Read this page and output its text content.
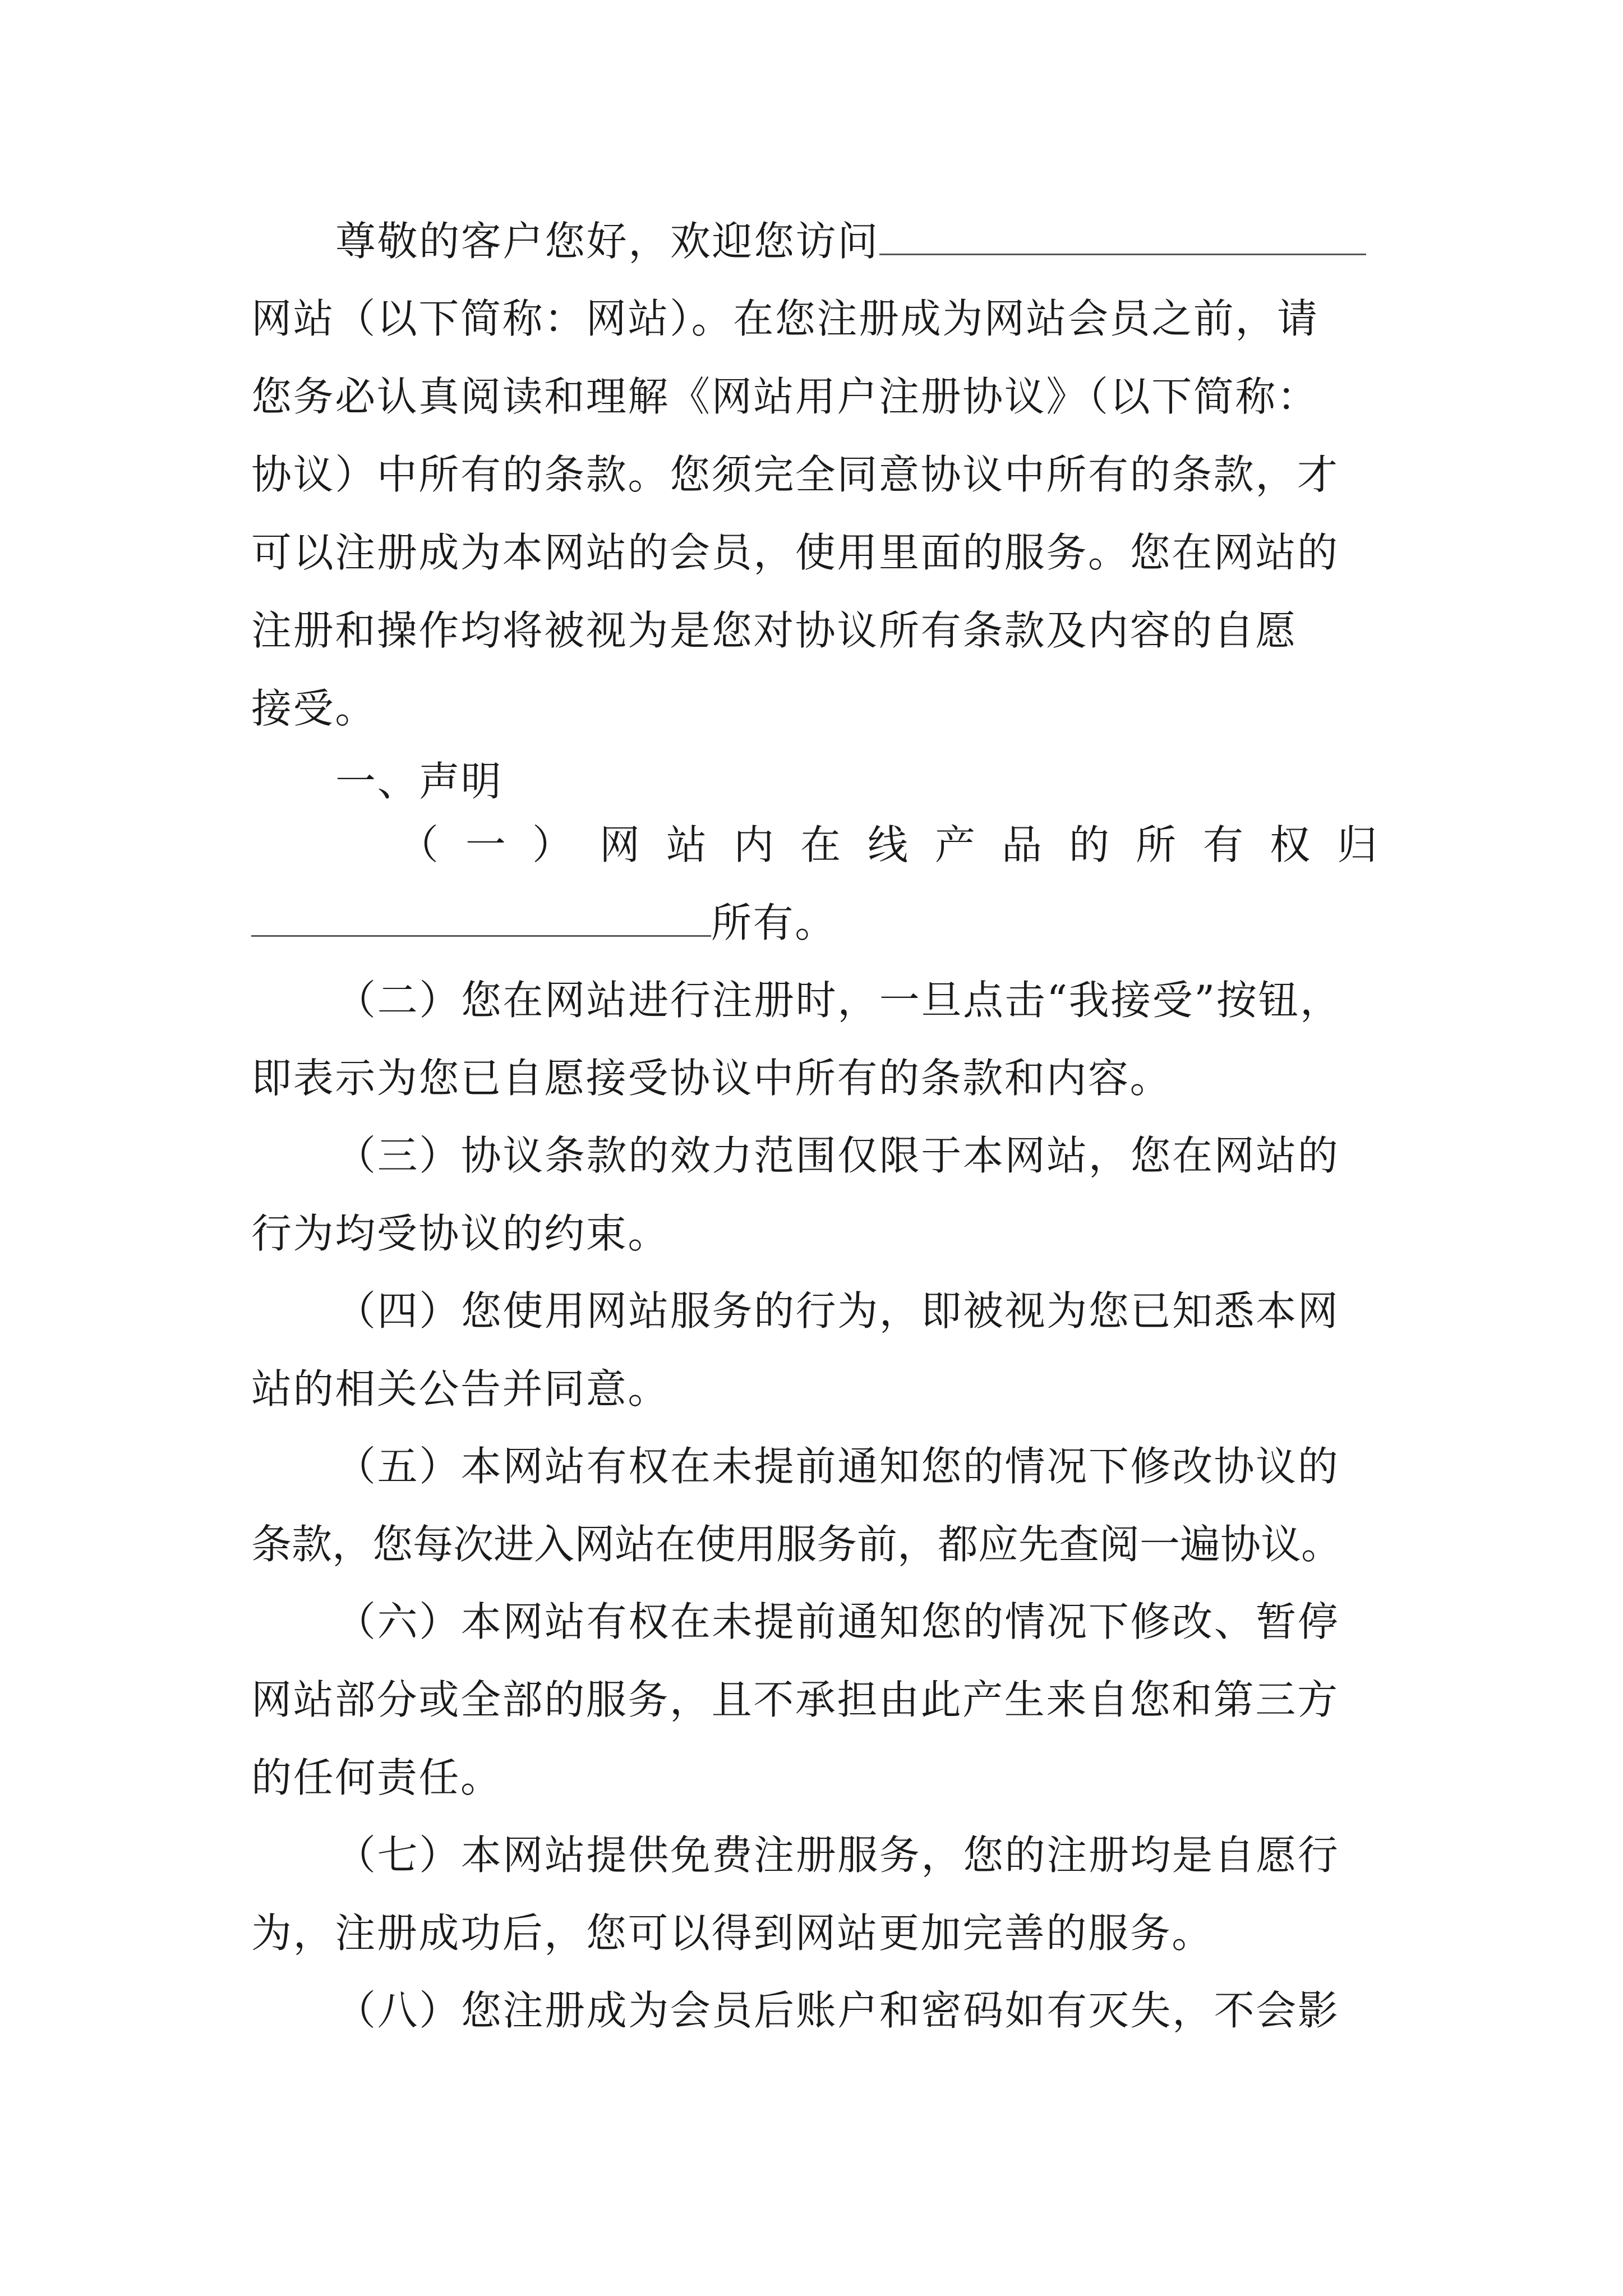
尊敬的客户您好，欢迎您访问
网站（以下简称：网站）。在您注册成为网站会员之前，请
您务必认真阅读和理解《网站用户注册协议》（以下简称：
协议）中所有的条款。您须完全同意协议中所有的条款，才
可以注册成为本网站的会员，使用里面的服务。您在网站的
注册和操作均将被视为是您对协议所有条款及内容的自愿
接受。
一、声明
（ 一 ） 网 站 内 在 线 产 品 的 所 有 权 归
所有。
（二）您在网站进行注册时，一旦点击“我接受”按钮，
即表示为您已自愿接受协议中所有的条款和内容。
（三）协议条款的效力范围仅限于本网站，您在网站的
行为均受协议的约束。
（四）您使用网站服务的行为，即被视为您已知悉本网
站的相关公告并同意。
（五）本网站有权在未提前通知您的情况下修改协议的
条款，您每次进入网站在使用服务前，都应先查阅一遍协议。
（六）本网站有权在未提前通知您的情况下修改、暂停
网站部分或全部的服务，且不承担由此产生来自您和第三方
的任何责任。
（七）本网站提供免费注册服务，您的注册均是自愿行
为，注册成功后，您可以得到网站更加完善的服务。
（八）您注册成为会员后账户和密码如有灭失，不会影
